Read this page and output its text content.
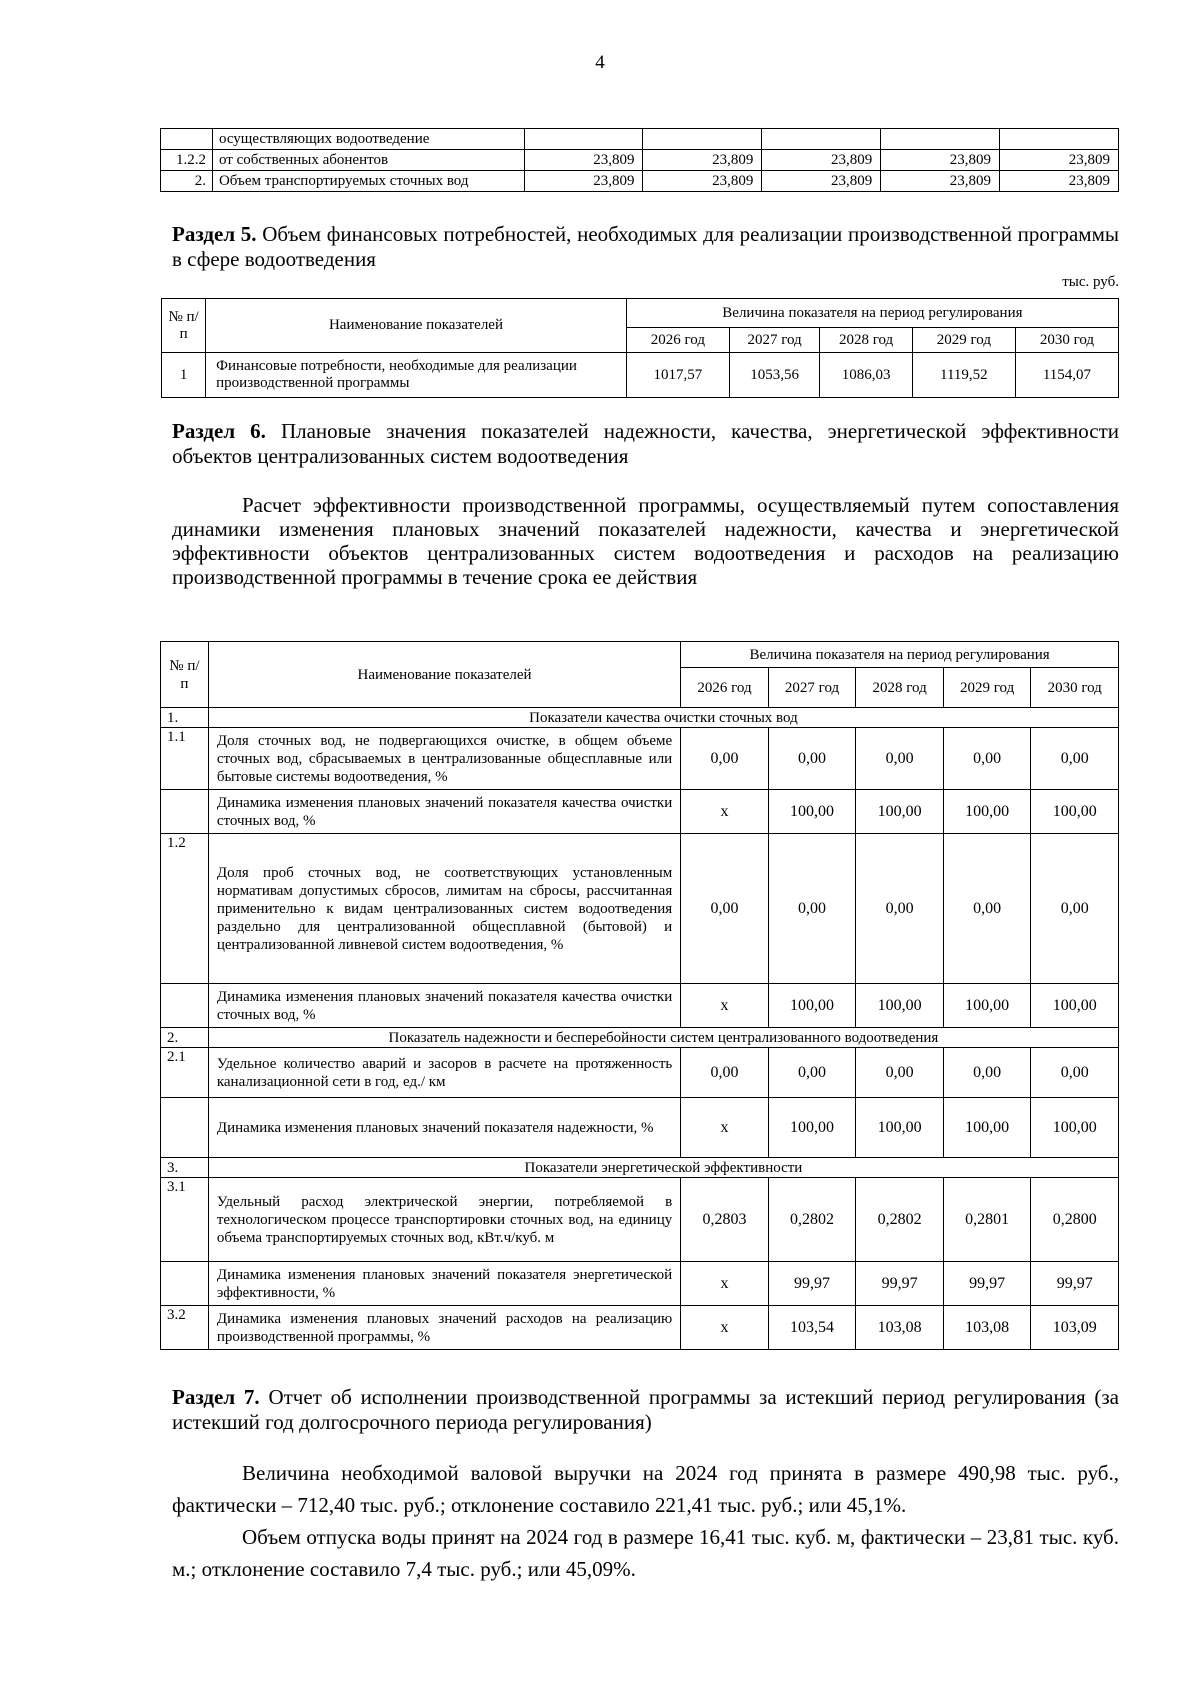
4
	осуществляющих водоотведение					
1.2.2	от собственных абонентов	23,809	23,809	23,809	23,809	23,809
2.	Объем транспортируемых сточных вод	23,809	23,809	23,809	23,809	23,809
Раздел 5. Объем финансовых потребностей, необходимых для реализации производственной программы в сфере водоотведения
тыс. руб.
№ п/п	Наименование показателей	Величина показателя на период регулирования				
		2026 год	2027 год	2028 год	2029 год	2030 год
1	Финансовые потребности, необходимые для реализации производственной программы	1017,57	1053,56	1086,03	1119,52	1154,07
Раздел 6. Плановые значения показателей надежности, качества, энергетической эффективности объектов централизованных систем водоотведения
Расчет эффективности производственной программы, осуществляемый путем сопоставления динамики изменения плановых значений показателей надежности, качества и энергетической эффективности объектов централизованных систем водоотведения и расходов на реализацию производственной программы в течение срока ее действия
№ п/п	Наименование показателей	Величина показателя на период регулирования				
		2026 год	2027 год	2028 год	2029 год	2030 год
1.	Показатели качества очистки сточных вод					
1.1	Доля сточных вод, не подвергающихся очистке, в общем объеме сточных вод, сбрасываемых в централизованные общесплавные или бытовые системы водоотведения, %	0,00	0,00	0,00	0,00	0,00
	Динамика изменения плановых значений показателя качества очистки сточных вод, %	х	100,00	100,00	100,00	100,00
1.2	Доля проб сточных вод, не соответствующих установленным нормативам допустимых сбросов, лимитам на сбросы, рассчитанная применительно к видам централизованных систем водоотведения раздельно для централизованной общесплавной (бытовой) и централизованной ливневой систем водоотведения, %	0,00	0,00	0,00	0,00	0,00
	Динамика изменения плановых значений показателя качества очистки сточных вод, %	х	100,00	100,00	100,00	100,00
2.	Показатель надежности и бесперебойности систем централизованного водоотведения					
2.1	Удельное количество аварий и засоров в расчете на протяженность канализационной сети в год, ед./ км	0,00	0,00	0,00	0,00	0,00
	Динамика изменения плановых значений показателя надежности, %	х	100,00	100,00	100,00	100,00
3.	Показатели энергетической эффективности					
3.1	Удельный расход электрической энергии, потребляемой в технологическом процессе транспортировки сточных вод, на единицу объема транспортируемых сточных вод, кВт.ч/куб. м	0,2803	0,2802	0,2802	0,2801	0,2800
	Динамика изменения плановых значений показателя энергетической эффективности, %	х	99,97	99,97	99,97	99,97
3.2	Динамика изменения плановых значений расходов на реализацию производственной программы, %	х	103,54	103,08	103,08	103,09
Раздел 7. Отчет об исполнении производственной программы за истекший период регулирования (за истекший год долгосрочного периода регулирования)

Величина необходимой валовой выручки на 2024 год принята в размере 490,98 тыс. руб., фактически – 712,40 тыс. руб.; отклонение составило 221,41 тыс. руб.; или 45,1%.

Объем отпуска воды принят на 2024 год в размере 16,41 тыс. куб. м, фактически – 23,81 тыс. куб. м.; отклонение составило 7,4 тыс. руб.; или 45,09%.
